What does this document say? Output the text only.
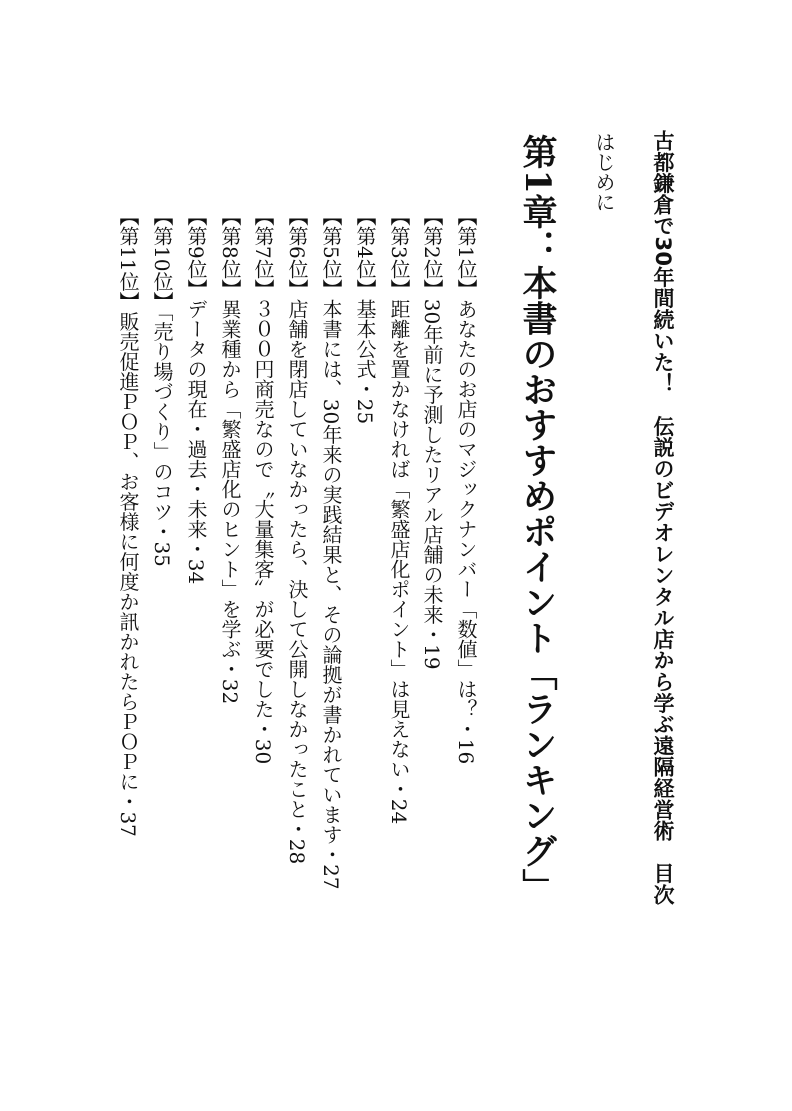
古都鎌倉で30年間続いた！　伝説のビデオレンタル店から学ぶ遠隔経営術　目次
はじめに
第1章：本書のおすすめポイント「ランキング」
【第1位】あなたのお店のマジックナンバー「数値」は？・16
【第2位】30年前に予測したリアル店舗の未来・19
【第3位】距離を置かなければ「繁盛店化ポイント」は見えない・24
【第4位】基本公式・25
【第5位】本書には、30年来の実践結果と、その論拠が書かれています・27
【第6位】店舗を閉店していなかったら、決して公開しなかったこと・28
【第7位】３００円商売なので〝大量集客〟が必要でした・30
【第8位】異業種から「繁盛店化のヒント」を学ぶ・32
【第9位】データの現在・過去・未来・34
【第10位】「売り場づくり」のコツ・35
【第11位】販売促進ＰＯＰ、お客様に何度か訊かれたらＰＯＰに・37
